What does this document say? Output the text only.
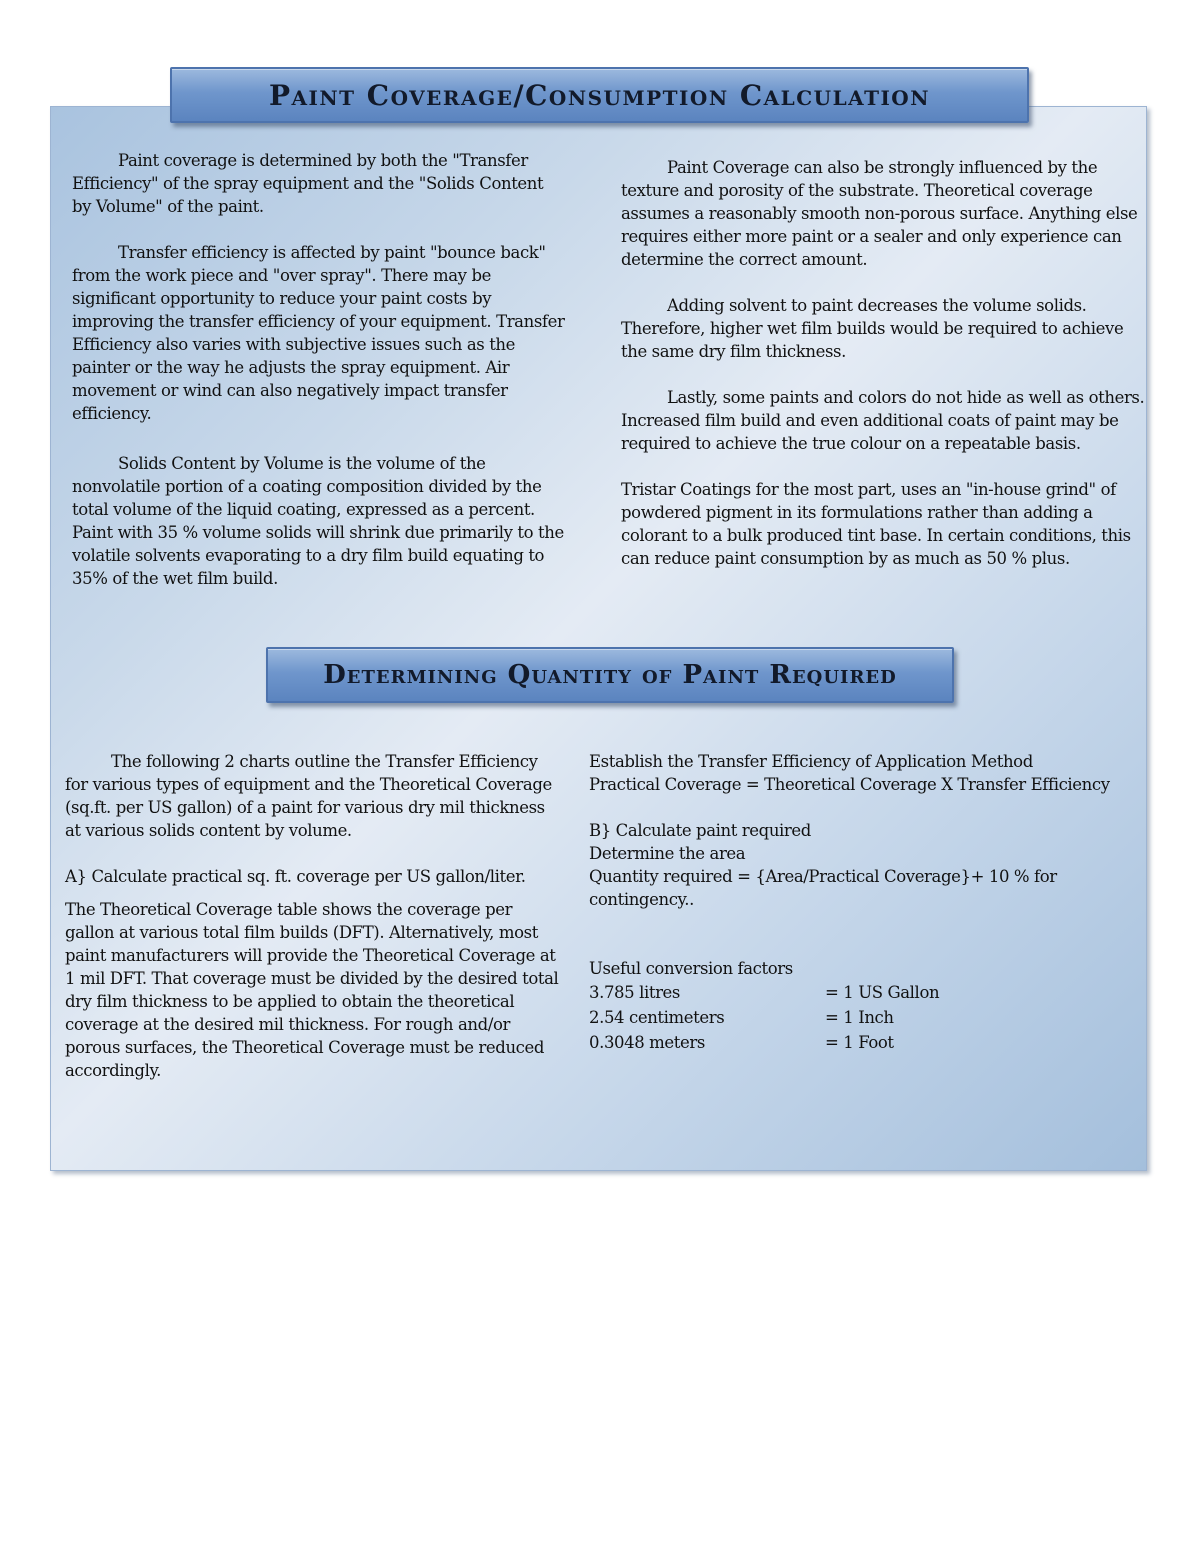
Paint Coverage/Consumption Calculation

Paint coverage is determined by both the "Transfer Efficiency" of the spray equipment and the "Solids Content by Volume" of the paint.

Transfer efficiency is affected by paint "bounce back" from the work piece and "over spray". There may be significant opportunity to reduce your paint costs by improving the transfer efficiency of your equipment. Transfer Efficiency also varies with subjective issues such as the painter or the way he adjusts the spray equipment. Air movement or wind can also negatively impact transfer efficiency.

Solids Content by Volume is the volume of the nonvolatile portion of a coating composition divided by the total volume of the liquid coating, expressed as a percent. Paint with 35 % volume solids will shrink due primarily to the volatile solvents evaporating to a dry film build equating to 35% of the wet film build.

Paint Coverage can also be strongly influenced by the texture and porosity of the substrate. Theoretical coverage assumes a reasonably smooth non-porous surface. Anything else requires either more paint or a sealer and only experience can determine the correct amount.

Adding solvent to paint decreases the volume solids. Therefore, higher wet film builds would be required to achieve the same dry film thickness.

Lastly, some paints and colors do not hide as well as others. Increased film build and even additional coats of paint may be required to achieve the true colour on a repeatable basis.

Tristar Coatings for the most part, uses an "in-house grind" of powdered pigment in its formulations rather than adding a colorant to a bulk produced tint base. In certain conditions, this can reduce paint consumption by as much as 50 % plus.

Determining Quantity of Paint Required

The following 2 charts outline the Transfer Efficiency for various types of equipment and the Theoretical Coverage (sq.ft. per US gallon) of a paint for various dry mil thickness at various solids content by volume.

A} Calculate practical sq. ft. coverage per US gallon/liter.

The Theoretical Coverage table shows the coverage per gallon at various total film builds (DFT). Alternatively, most paint manufacturers will provide the Theoretical Coverage at 1 mil DFT. That coverage must be divided by the desired total dry film thickness to be applied to obtain the theoretical coverage at the desired mil thickness. For rough and/or porous surfaces, the Theoretical Coverage must be reduced accordingly.

Establish the Transfer Efficiency of Application Method

Practical Coverage = Theoretical Coverage X Transfer Efficiency

B} Calculate paint required

Determine the area

Quantity required = {Area/Practical Coverage}+ 10 % for contingency..

Useful conversion factors

3.785 litres	= 1 US Gallon
2.54 centimeters	= 1 Inch
0.3048 meters	= 1 Foot
